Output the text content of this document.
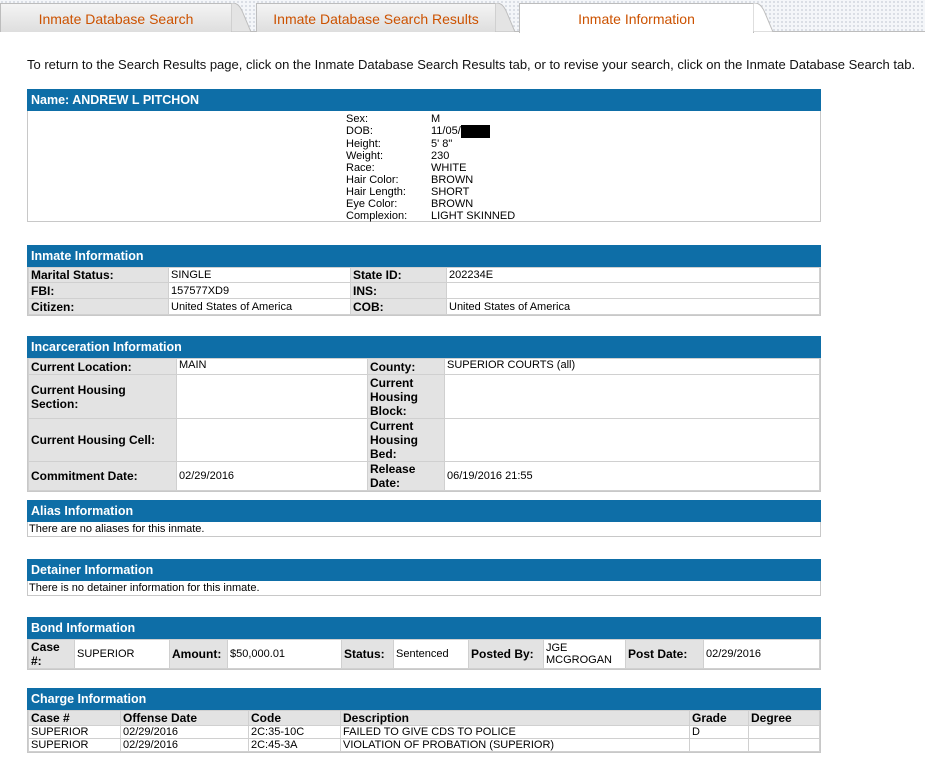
Inmate Database Search	Inmate Database Search Results	Inmate Information
To return to the Search Results page, click on the Inmate Database Search Results tab, or to revise your search, click on the Inmate Database Search tab.
Name: ANDREW L PITCHON
Sex:	M
DOB:	11/05/
Height:	5' 8"
Weight:	230
Race:	WHITE
Hair Color:	BROWN
Hair Length:	SHORT
Eye Color:	BROWN
Complexion:	LIGHT SKINNED
Inmate Information
Marital Status:	SINGLE	State ID:	202234E
FBI:	157577XD9	INS:	
Citizen:	United States of America	COB:	United States of America
Incarceration Information
Current Location:	MAIN	County:	SUPERIOR COURTS (all)
Current Housing Section:		Current Housing Block:	
Current Housing Cell:		Current Housing Bed:	
Commitment Date:	02/29/2016	Release Date:	06/19/2016 21:55
Alias Information
There are no aliases for this inmate.
Detainer Information
There is no detainer information for this inmate.
Bond Information
Case #:	SUPERIOR	Amount:	$50,000.01	Status:	Sentenced	Posted By:	JGE MCGROGAN	Post Date:	02/29/2016
Charge Information
Case #	Offense Date	Code	Description	Grade	Degree
SUPERIOR	02/29/2016	2C:35-10C	FAILED TO GIVE CDS TO POLICE	D	
SUPERIOR	02/29/2016	2C:45-3A	VIOLATION OF PROBATION (SUPERIOR)		
